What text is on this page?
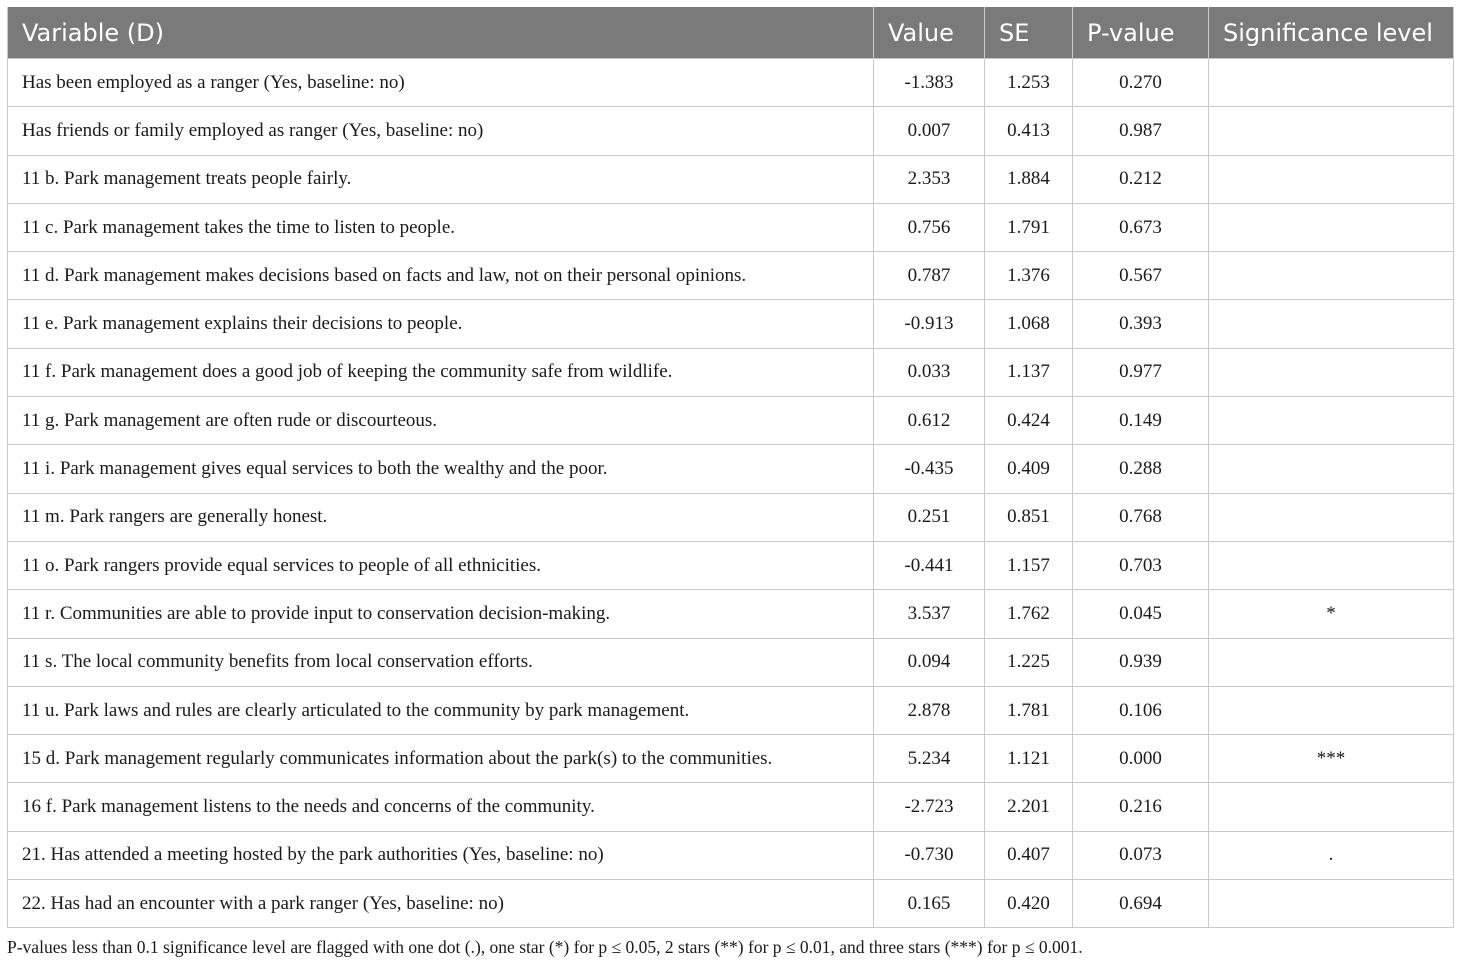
Variable (D)	Value	SE	P-value	Significance level
Has been employed as a ranger (Yes, baseline: no)	-1.383	1.253	0.270	
Has friends or family employed as ranger (Yes, baseline: no)	0.007	0.413	0.987	
11 b. Park management treats people fairly.	2.353	1.884	0.212	
11 c. Park management takes the time to listen to people.	0.756	1.791	0.673	
11 d. Park management makes decisions based on facts and law, not on their personal opinions.	0.787	1.376	0.567	
11 e. Park management explains their decisions to people.	-0.913	1.068	0.393	
11 f. Park management does a good job of keeping the community safe from wildlife.	0.033	1.137	0.977	
11 g. Park management are often rude or discourteous.	0.612	0.424	0.149	
11 i. Park management gives equal services to both the wealthy and the poor.	-0.435	0.409	0.288	
11 m. Park rangers are generally honest.	0.251	0.851	0.768	
11 o. Park rangers provide equal services to people of all ethnicities.	-0.441	1.157	0.703	
11 r. Communities are able to provide input to conservation decision-making.	3.537	1.762	0.045	*
11 s. The local community benefits from local conservation efforts.	0.094	1.225	0.939	
11 u. Park laws and rules are clearly articulated to the community by park management.	2.878	1.781	0.106	
15 d. Park management regularly communicates information about the park(s) to the communities.	5.234	1.121	0.000	***
16 f. Park management listens to the needs and concerns of the community.	-2.723	2.201	0.216	
21. Has attended a meeting hosted by the park authorities (Yes, baseline: no)	-0.730	0.407	0.073	.
22. Has had an encounter with a park ranger (Yes, baseline: no)	0.165	0.420	0.694	
P-values less than 0.1 significance level are flagged with one dot (.), one star (*) for p ≤ 0.05, 2 stars (**) for p ≤ 0.01, and three stars (***) for p ≤ 0.001.
